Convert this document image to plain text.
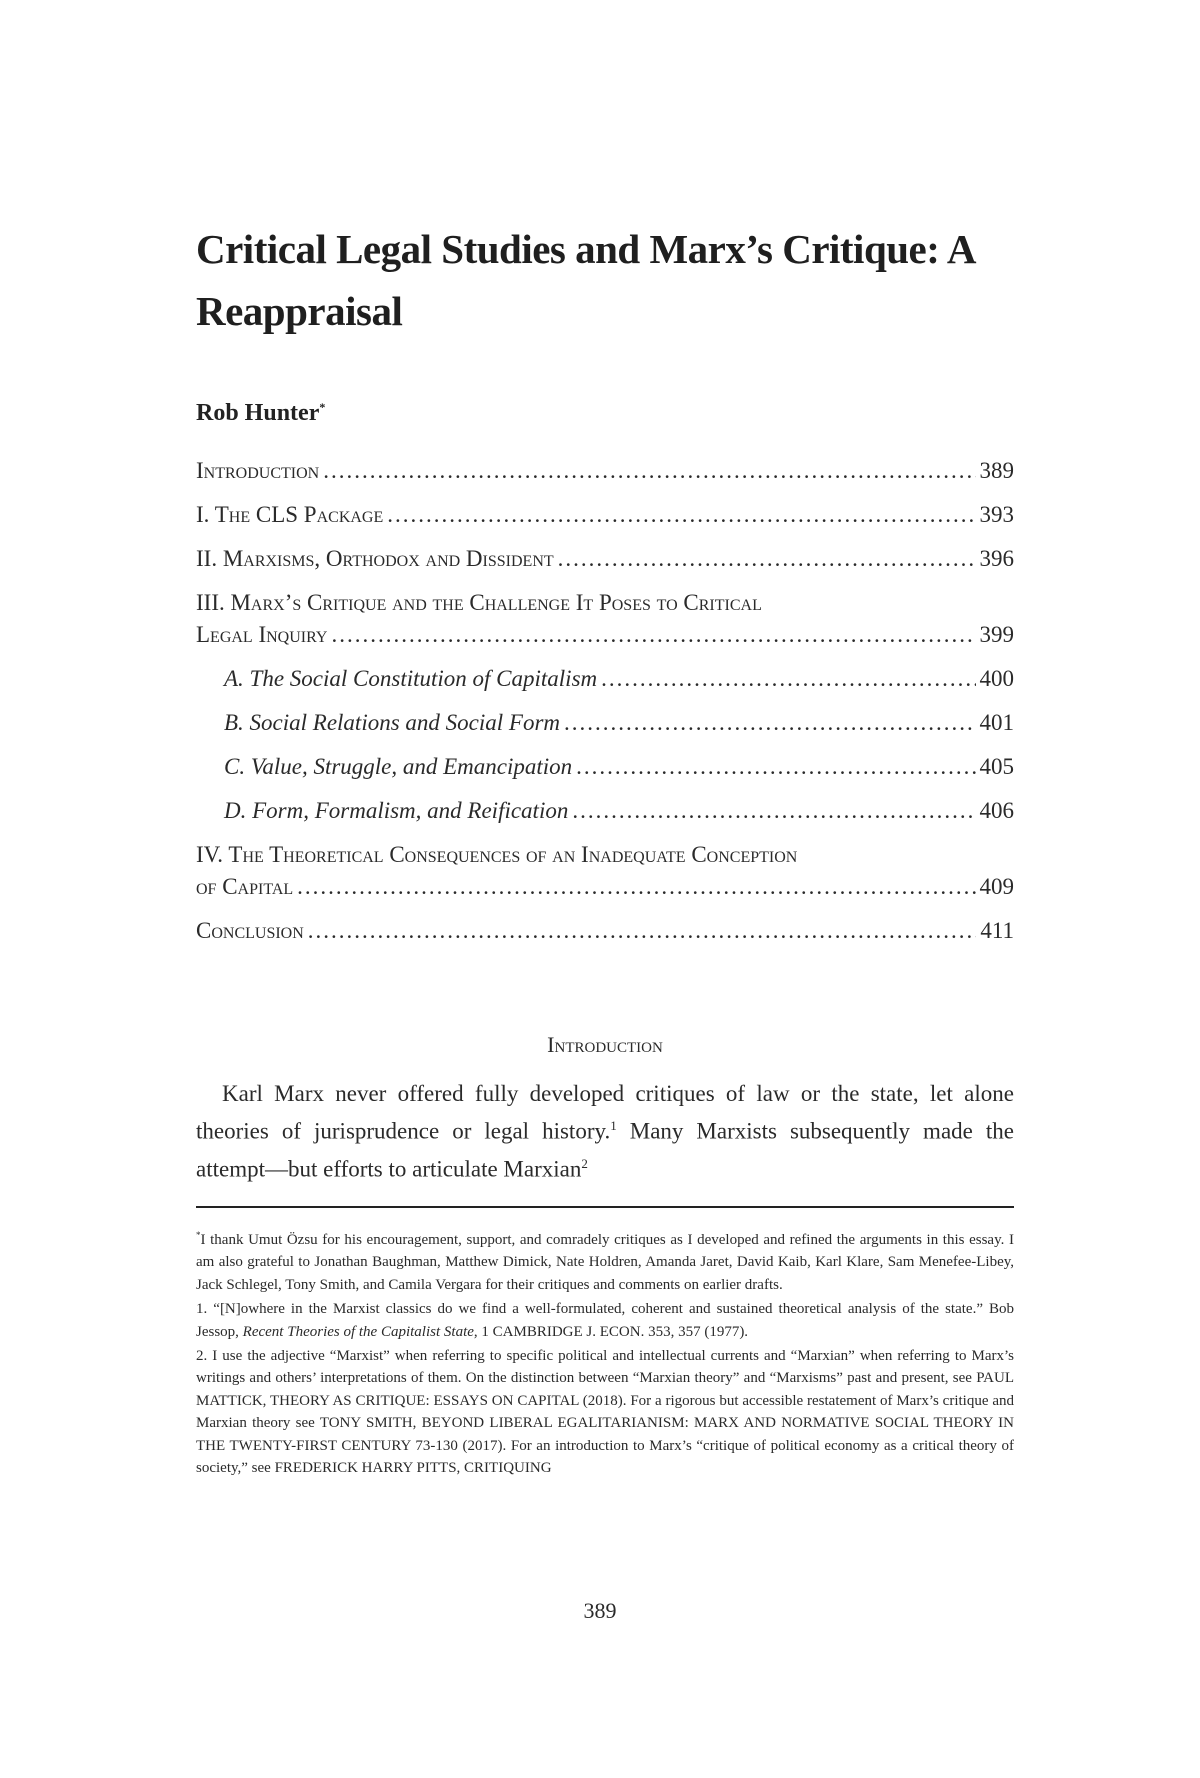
Critical Legal Studies and Marx’s Critique: A Reappraisal
Rob Hunter*
Introduction .....	389
I. The CLS Package .....	393
II. Marxisms, Orthodox and Dissident .....	396
III. Marx’s Critique and the Challenge It Poses to Critical
Legal Inquiry .....	399
A. The Social Constitution of Capitalism .....	400
B. Social Relations and Social Form .....	401
C. Value, Struggle, and Emancipation .....	405
D. Form, Formalism, and Reification .....	406
IV. The Theoretical Consequences of an Inadequate Conception
of Capital .....	409
Conclusion .....	411
Introduction

Karl Marx never offered fully developed critiques of law or the state, let alone theories of jurisprudence or legal history.$^1$ Many Marxists subsequently made the attempt—but efforts to articulate Marxian$^2$

*I thank Umut Özsu for his encouragement, support, and comradely critiques as I developed and refined the arguments in this essay. I am also grateful to Jonathan Baughman, Matthew Dimick, Nate Holdren, Amanda Jaret, David Kaib, Karl Klare, Sam Menefee-Libey, Jack Schlegel, Tony Smith, and Camila Vergara for their critiques and comments on earlier drafts.

1. “[N]owhere in the Marxist classics do we find a well-formulated, coherent and sustained theoretical analysis of the state.” Bob Jessop, Recent Theories of the Capitalist State, 1 CAMBRIDGE J. ECON. 353, 357 (1977).

2. I use the adjective “Marxist” when referring to specific political and intellectual currents and “Marxian” when referring to Marx’s writings and others’ interpretations of them. On the distinction between “Marxian theory” and “Marxisms” past and present, see PAUL MATTICK, THEORY AS CRITIQUE: ESSAYS ON CAPITAL (2018). For a rigorous but accessible restatement of Marx’s critique and Marxian theory see TONY SMITH, BEYOND LIBERAL EGALITARIANISM: MARX AND NORMATIVE SOCIAL THEORY IN THE TWENTY-FIRST CENTURY 73-130 (2017). For an introduction to Marx’s “critique of political economy as a critical theory of society,” see FREDERICK HARRY PITTS, CRITIQUING

389
